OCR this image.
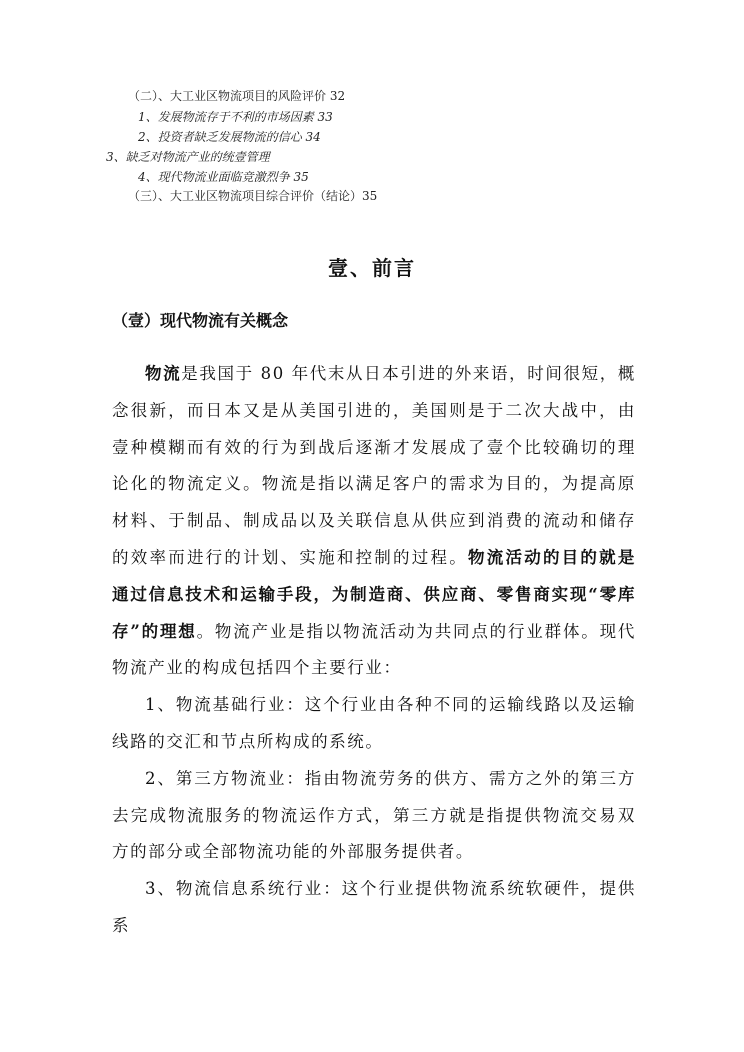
（二）、大工业区物流项目的风险评价 32
1、发展物流存于不利的市场因素 33
2、投资者缺乏发展物流的信心 34
3、缺乏对物流产业的统壹管理
4、现代物流业面临竞激烈争 35
（三）、大工业区物流项目综合评价（结论）35
壹、前言
（壹）现代物流有关概念

物流是我国于 80 年代末从日本引进的外来语，时间很短，概念很新，而日本又是从美国引进的，美国则是于二次大战中，由壹种模糊而有效的行为到战后逐渐才发展成了壹个比较确切的理论化的物流定义。物流是指以满足客户的需求为目的，为提高原材料、于制品、制成品以及关联信息从供应到消费的流动和储存的效率而进行的计划、实施和控制的过程。物流活动的目的就是通过信息技术和运输手段，为制造商、供应商、零售商实现“零库存”的理想。物流产业是指以物流活动为共同点的行业群体。现代物流产业的构成包括四个主要行业：

1、物流基础行业：这个行业由各种不同的运输线路以及运输线路的交汇和节点所构成的系统。

2、第三方物流业：指由物流劳务的供方、需方之外的第三方去完成物流服务的物流运作方式，第三方就是指提供物流交易双方的部分或全部物流功能的外部服务提供者。

3、物流信息系统行业：这个行业提供物流系统软硬件，提供系
